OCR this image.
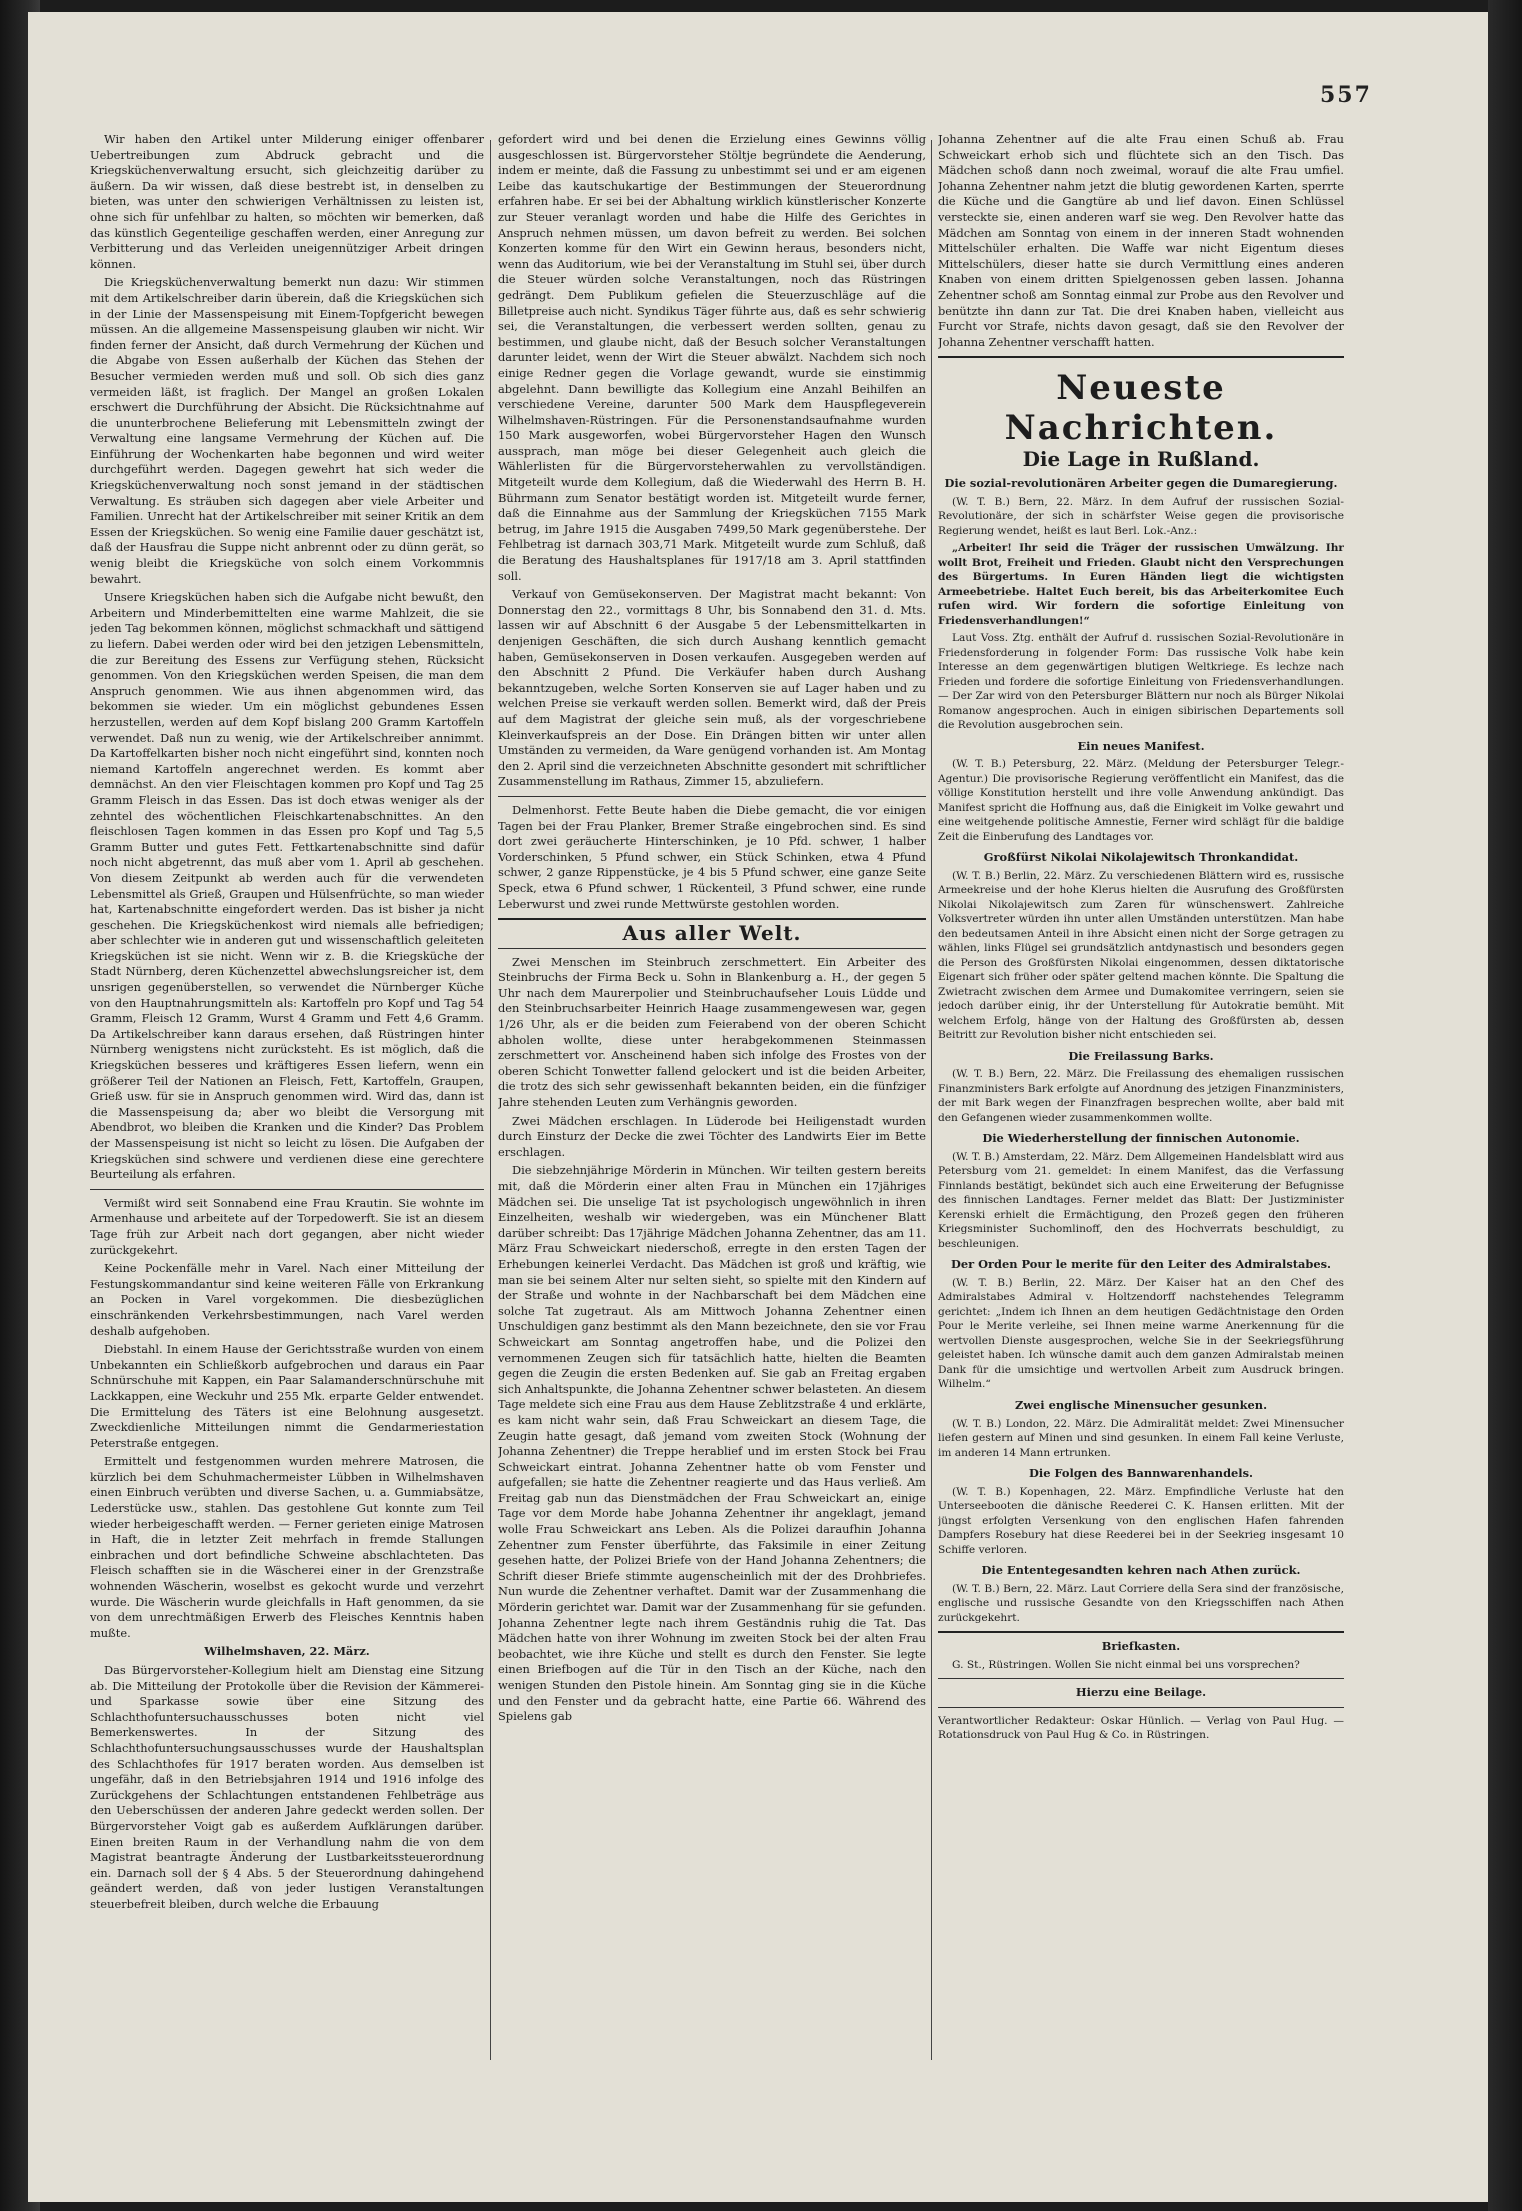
557

Wir haben den Artikel unter Milderung einiger offenbarer Uebertreibungen zum Abdruck gebracht und die Kriegsküchenverwaltung ersucht, sich gleichzeitig darüber zu äußern. Da wir wissen, daß diese bestrebt ist, in denselben zu bieten, was unter den schwierigen Verhältnissen zu leisten ist, ohne sich für unfehlbar zu halten, so möchten wir bemerken, daß das künstlich Gegenteilige geschaffen werden, einer Anregung zur Verbitterung und das Verleiden uneigennütziger Arbeit dringen können.

Die Kriegsküchenverwaltung bemerkt nun dazu: Wir stimmen mit dem Artikelschreiber darin überein, daß die Kriegsküchen sich in der Linie der Massenspeisung mit Einem-Topfgericht bewegen müssen. An die allgemeine Massenspeisung glauben wir nicht. Wir finden ferner der Ansicht, daß durch Vermehrung der Küchen und die Abgabe von Essen außerhalb der Küchen das Stehen der Besucher vermieden werden muß und soll. Ob sich dies ganz vermeiden läßt, ist fraglich. Der Mangel an großen Lokalen erschwert die Durchführung der Absicht. Die Rücksichtnahme auf die ununterbrochene Belieferung mit Lebensmitteln zwingt der Verwaltung eine langsame Vermehrung der Küchen auf. Die Einführung der Wochenkarten habe begonnen und wird weiter durchgeführt werden. Dagegen gewehrt hat sich weder die Kriegsküchenverwaltung noch sonst jemand in der städtischen Verwaltung. Es sträuben sich dagegen aber viele Arbeiter und Familien. Unrecht hat der Artikelschreiber mit seiner Kritik an dem Essen der Kriegsküchen. So wenig eine Familie dauer geschätzt ist, daß der Hausfrau die Suppe nicht anbrennt oder zu dünn gerät, so wenig bleibt die Kriegsküche von solch einem Vorkommnis bewahrt.

Unsere Kriegsküchen haben sich die Aufgabe nicht bewußt, den Arbeitern und Minderbemittelten eine warme Mahlzeit, die sie jeden Tag bekommen können, möglichst schmackhaft und sättigend zu liefern. Dabei werden oder wird bei den jetzigen Lebensmitteln, die zur Bereitung des Essens zur Verfügung stehen, Rücksicht genommen. Von den Kriegsküchen werden Speisen, die man dem Anspruch genommen. Wie aus ihnen abgenommen wird, das bekommen sie wieder. Um ein möglichst gebundenes Essen herzustellen, werden auf dem Kopf bislang 200 Gramm Kartoffeln verwendet. Daß nun zu wenig, wie der Artikelschreiber annimmt. Da Kartoffelkarten bisher noch nicht eingeführt sind, konnten noch niemand Kartoffeln angerechnet werden. Es kommt aber demnächst. An den vier Fleischtagen kommen pro Kopf und Tag 25 Gramm Fleisch in das Essen. Das ist doch etwas weniger als der zehntel des wöchentlichen Fleischkartenabschnittes. An den fleischlosen Tagen kommen in das Essen pro Kopf und Tag 5,5 Gramm Butter und gutes Fett. Fettkartenabschnitte sind dafür noch nicht abgetrennt, das muß aber vom 1. April ab geschehen. Von diesem Zeitpunkt ab werden auch für die verwendeten Lebensmittel als Grieß, Graupen und Hülsenfrüchte, so man wieder hat, Kartenabschnitte eingefordert werden. Das ist bisher ja nicht geschehen. Die Kriegsküchenkost wird niemals alle befriedigen; aber schlechter wie in anderen gut und wissenschaftlich geleiteten Kriegsküchen ist sie nicht. Wenn wir z. B. die Kriegsküche der Stadt Nürnberg, deren Küchenzettel abwechslungsreicher ist, dem unsrigen gegenüberstellen, so verwendet die Nürnberger Küche von den Hauptnahrungsmitteln als: Kartoffeln pro Kopf und Tag 54 Gramm, Fleisch 12 Gramm, Wurst 4 Gramm und Fett 4,6 Gramm. Da Artikelschreiber kann daraus ersehen, daß Rüstringen hinter Nürnberg wenigstens nicht zurücksteht. Es ist möglich, daß die Kriegsküchen besseres und kräftigeres Essen liefern, wenn ein größerer Teil der Nationen an Fleisch, Fett, Kartoffeln, Graupen, Grieß usw. für sie in Anspruch genommen wird. Wird das, dann ist die Massenspeisung da; aber wo bleibt die Versorgung mit Abendbrot, wo bleiben die Kranken und die Kinder? Das Problem der Massenspeisung ist nicht so leicht zu lösen. Die Aufgaben der Kriegsküchen sind schwere und verdienen diese eine gerechtere Beurteilung als erfahren.

Vermißt wird seit Sonnabend eine Frau Krautin. Sie wohnte im Armenhause und arbeitete auf der Torpedowerft. Sie ist an diesem Tage früh zur Arbeit nach dort gegangen, aber nicht wieder zurückgekehrt.

Keine Pockenfälle mehr in Varel. Nach einer Mitteilung der Festungskommandantur sind keine weiteren Fälle von Erkrankung an Pocken in Varel vorgekommen. Die diesbezüglichen einschränkenden Verkehrsbestimmungen, nach Varel werden deshalb aufgehoben.

Diebstahl. In einem Hause der Gerichtsstraße wurden von einem Unbekannten ein Schließkorb aufgebrochen und daraus ein Paar Schnürschuhe mit Kappen, ein Paar Salamanderschnürschuhe mit Lackkappen, eine Weckuhr und 255 Mk. erparte Gelder entwendet. Die Ermittelung des Täters ist eine Belohnung ausgesetzt. Zweckdienliche Mitteilungen nimmt die Gendarmeriestation Peterstraße entgegen.

Ermittelt und festgenommen wurden mehrere Matrosen, die kürzlich bei dem Schuhmachermeister Lübben in Wilhelmshaven einen Einbruch verübten und diverse Sachen, u. a. Gummiabsätze, Lederstücke usw., stahlen. Das gestohlene Gut konnte zum Teil wieder herbeigeschafft werden. — Ferner gerieten einige Matrosen in Haft, die in letzter Zeit mehrfach in fremde Stallungen einbrachen und dort befindliche Schweine abschlachteten. Das Fleisch schafften sie in die Wäscherei einer in der Grenzstraße wohnenden Wäscherin, woselbst es gekocht wurde und verzehrt wurde. Die Wäscherin wurde gleichfalls in Haft genommen, da sie von dem unrechtmäßigen Erwerb des Fleisches Kenntnis haben mußte.

Wilhelmshaven, 22. März.

Das Bürgervorsteher-Kollegium hielt am Dienstag eine Sitzung ab. Die Mitteilung der Protokolle über die Revision der Kämmerei- und Sparkasse sowie über eine Sitzung des Schlachthofuntersuchausschusses boten nicht viel Bemerkenswertes. In der Sitzung des Schlachthofuntersuchungsausschusses wurde der Haushaltsplan des Schlachthofes für 1917 beraten worden. Aus demselben ist ungefähr, daß in den Betriebsjahren 1914 und 1916 infolge des Zurückgehens der Schlachtungen entstandenen Fehlbeträge aus den Ueberschüssen der anderen Jahre gedeckt werden sollen. Der Bürgervorsteher Voigt gab es außerdem Aufklärungen darüber. Einen breiten Raum in der Verhandlung nahm die von dem Magistrat beantragte Änderung der Lustbarkeitssteuerordnung ein. Darnach soll der § 4 Abs. 5 der Steuerordnung dahingehend geändert werden, daß von jeder lustigen Veranstaltungen steuerbefreit bleiben, durch welche die Erbauung

gefordert wird und bei denen die Erzielung eines Gewinns völlig ausgeschlossen ist. Bürgervorsteher Stöltje begründete die Aenderung, indem er meinte, daß die Fassung zu unbestimmt sei und er am eigenen Leibe das kautschukartige der Bestimmungen der Steuerordnung erfahren habe. Er sei bei der Abhaltung wirklich künstlerischer Konzerte zur Steuer veranlagt worden und habe die Hilfe des Gerichtes in Anspruch nehmen müssen, um davon befreit zu werden. Bei solchen Konzerten komme für den Wirt ein Gewinn heraus, besonders nicht, wenn das Auditorium, wie bei der Veranstaltung im Stuhl sei, über durch die Steuer würden solche Veranstaltungen, noch das Rüstringen gedrängt. Dem Publikum gefielen die Steuerzuschläge auf die Billetpreise auch nicht. Syndikus Täger führte aus, daß es sehr schwierig sei, die Veranstaltungen, die verbessert werden sollten, genau zu bestimmen, und glaube nicht, daß der Besuch solcher Veranstaltungen darunter leidet, wenn der Wirt die Steuer abwälzt. Nachdem sich noch einige Redner gegen die Vorlage gewandt, wurde sie einstimmig abgelehnt. Dann bewilligte das Kollegium eine Anzahl Beihilfen an verschiedene Vereine, darunter 500 Mark dem Hauspflegeverein Wilhelmshaven-Rüstringen. Für die Personenstandsaufnahme wurden 150 Mark ausgeworfen, wobei Bürgervorsteher Hagen den Wunsch aussprach, man möge bei dieser Gelegenheit auch gleich die Wählerlisten für die Bürgervorsteherwahlen zu vervollständigen. Mitgeteilt wurde dem Kollegium, daß die Wiederwahl des Herrn B. H. Bührmann zum Senator bestätigt worden ist. Mitgeteilt wurde ferner, daß die Einnahme aus der Sammlung der Kriegsküchen 7155 Mark betrug, im Jahre 1915 die Ausgaben 7499,50 Mark gegenüberstehe. Der Fehlbetrag ist darnach 303,71 Mark. Mitgeteilt wurde zum Schluß, daß die Beratung des Haushaltsplanes für 1917/18 am 3. April stattfinden soll.

Verkauf von Gemüsekonserven. Der Magistrat macht bekannt: Von Donnerstag den 22., vormittags 8 Uhr, bis Sonnabend den 31. d. Mts. lassen wir auf Abschnitt 6 der Ausgabe 5 der Lebensmittelkarten in denjenigen Geschäften, die sich durch Aushang kenntlich gemacht haben, Gemüsekonserven in Dosen verkaufen. Ausgegeben werden auf den Abschnitt 2 Pfund. Die Verkäufer haben durch Aushang bekanntzugeben, welche Sorten Konserven sie auf Lager haben und zu welchen Preise sie verkauft werden sollen. Bemerkt wird, daß der Preis auf dem Magistrat der gleiche sein muß, als der vorgeschriebene Kleinverkaufspreis an der Dose. Ein Drängen bitten wir unter allen Umständen zu vermeiden, da Ware genügend vorhanden ist. Am Montag den 2. April sind die verzeichneten Abschnitte gesondert mit schriftlicher Zusammenstellung im Rathaus, Zimmer 15, abzuliefern.

Delmenhorst. Fette Beute haben die Diebe gemacht, die vor einigen Tagen bei der Frau Planker, Bremer Straße eingebrochen sind. Es sind dort zwei geräucherte Hinterschinken, je 10 Pfd. schwer, 1 halber Vorderschinken, 5 Pfund schwer, ein Stück Schinken, etwa 4 Pfund schwer, 2 ganze Rippenstücke, je 4 bis 5 Pfund schwer, eine ganze Seite Speck, etwa 6 Pfund schwer, 1 Rückenteil, 3 Pfund schwer, eine runde Leberwurst und zwei runde Mettwürste gestohlen worden.

Aus aller Welt.

Zwei Menschen im Steinbruch zerschmettert. Ein Arbeiter des Steinbruchs der Firma Beck u. Sohn in Blankenburg a. H., der gegen 5 Uhr nach dem Maurerpolier und Steinbruchaufseher Louis Lüdde und den Steinbruchsarbeiter Heinrich Haage zusammengewesen war, gegen 1/26 Uhr, als er die beiden zum Feierabend von der oberen Schicht abholen wollte, diese unter herabgekommenen Steinmassen zerschmettert vor. Anscheinend haben sich infolge des Frostes von der oberen Schicht Tonwetter fallend gelockert und ist die beiden Arbeiter, die trotz des sich sehr gewissenhaft bekannten beiden, ein die fünfziger Jahre stehenden Leuten zum Verhängnis geworden.

Zwei Mädchen erschlagen. In Lüderode bei Heiligenstadt wurden durch Einsturz der Decke die zwei Töchter des Landwirts Eier im Bette erschlagen.

Die siebzehnjährige Mörderin in München. Wir teilten gestern bereits mit, daß die Mörderin einer alten Frau in München ein 17jähriges Mädchen sei. Die unselige Tat ist psychologisch ungewöhnlich in ihren Einzelheiten, weshalb wir wiedergeben, was ein Münchener Blatt darüber schreibt: Das 17jährige Mädchen Johanna Zehentner, das am 11. März Frau Schweickart niederschoß, erregte in den ersten Tagen der Erhebungen keinerlei Verdacht. Das Mädchen ist groß und kräftig, wie man sie bei seinem Alter nur selten sieht, so spielte mit den Kindern auf der Straße und wohnte in der Nachbarschaft bei dem Mädchen eine solche Tat zugetraut. Als am Mittwoch Johanna Zehentner einen Unschuldigen ganz bestimmt als den Mann bezeichnete, den sie vor Frau Schweickart am Sonntag angetroffen habe, und die Polizei den vernommenen Zeugen sich für tatsächlich hatte, hielten die Beamten gegen die Zeugin die ersten Bedenken auf. Sie gab an Freitag ergaben sich Anhaltspunkte, die Johanna Zehentner schwer belasteten. An diesem Tage meldete sich eine Frau aus dem Hause Zeblitzstraße 4 und erklärte, es kam nicht wahr sein, daß Frau Schweickart an diesem Tage, die Zeugin hatte gesagt, daß jemand vom zweiten Stock (Wohnung der Johanna Zehentner) die Treppe herablief und im ersten Stock bei Frau Schweickart eintrat. Johanna Zehentner hatte ob vom Fenster und aufgefallen; sie hatte die Zehentner reagierte und das Haus verließ. Am Freitag gab nun das Dienstmädchen der Frau Schweickart an, einige Tage vor dem Morde habe Johanna Zehentner ihr angeklagt, jemand wolle Frau Schweickart ans Leben. Als die Polizei daraufhin Johanna Zehentner zum Fenster überführte, das Faksimile in einer Zeitung gesehen hatte, der Polizei Briefe von der Hand Johanna Zehentners; die Schrift dieser Briefe stimmte augenscheinlich mit der des Drohbriefes. Nun wurde die Zehentner verhaftet. Damit war der Zusammenhang die Mörderin gerichtet war. Damit war der Zusammenhang für sie gefunden. Johanna Zehentner legte nach ihrem Geständnis ruhig die Tat. Das Mädchen hatte von ihrer Wohnung im zweiten Stock bei der alten Frau beobachtet, wie ihre Küche und stellt es durch den Fenster. Sie legte einen Briefbogen auf die Tür in den Tisch an der Küche, nach den wenigen Stunden den Pistole hinein. Am Sonntag ging sie in die Küche und den Fenster und da gebracht hatte, eine Partie 66. Während des Spielens gab

Johanna Zehentner auf die alte Frau einen Schuß ab. Frau Schweickart erhob sich und flüchtete sich an den Tisch. Das Mädchen schoß dann noch zweimal, worauf die alte Frau umfiel. Johanna Zehentner nahm jetzt die blutig gewordenen Karten, sperrte die Küche und die Gangtüre ab und lief davon. Einen Schlüssel versteckte sie, einen anderen warf sie weg. Den Revolver hatte das Mädchen am Sonntag von einem in der inneren Stadt wohnenden Mittelschüler erhalten. Die Waffe war nicht Eigentum dieses Mittelschülers, dieser hatte sie durch Vermittlung eines anderen Knaben von einem dritten Spielgenossen geben lassen. Johanna Zehentner schoß am Sonntag einmal zur Probe aus den Revolver und benützte ihn dann zur Tat. Die drei Knaben haben, vielleicht aus Furcht vor Strafe, nichts davon gesagt, daß sie den Revolver der Johanna Zehentner verschafft hatten.

Neueste Nachrichten.
Die Lage in Rußland.

Die sozial-revolutionären Arbeiter gegen die Dumaregierung.

(W. T. B.) Bern, 22. März. In dem Aufruf der russischen Sozial-Revolutionäre, der sich in schärfster Weise gegen die provisorische Regierung wendet, heißt es laut Berl. Lok.-Anz.:

„Arbeiter! Ihr seid die Träger der russischen Umwälzung. Ihr wollt Brot, Freiheit und Frieden. Glaubt nicht den Versprechungen des Bürgertums. In Euren Händen liegt die wichtigsten Armeebetriebe. Haltet Euch bereit, bis das Arbeiterkomitee Euch rufen wird. Wir fordern die sofortige Einleitung von Friedensverhandlungen!“

Laut Voss. Ztg. enthält der Aufruf d. russischen Sozial-Revolutionäre in Friedensforderung in folgender Form: Das russische Volk habe kein Interesse an dem gegenwärtigen blutigen Weltkriege. Es lechze nach Frieden und fordere die sofortige Einleitung von Friedensverhandlungen. — Der Zar wird von den Petersburger Blättern nur noch als Bürger Nikolai Romanow angesprochen. Auch in einigen sibirischen Departements soll die Revolution ausgebrochen sein.

Ein neues Manifest.

(W. T. B.) Petersburg, 22. März. (Meldung der Petersburger Telegr.-Agentur.) Die provisorische Regierung veröffentlicht ein Manifest, das die völlige Konstitution herstellt und ihre volle Anwendung ankündigt. Das Manifest spricht die Hoffnung aus, daß die Einigkeit im Volke gewahrt und eine weitgehende politische Amnestie, Ferner wird schlägt für die baldige Zeit die Einberufung des Landtages vor.

Großfürst Nikolai Nikolajewitsch Thronkandidat.

(W. T. B.) Berlin, 22. März. Zu verschiedenen Blättern wird es, russische Armeekreise und der hohe Klerus hielten die Ausrufung des Großfürsten Nikolai Nikolajewitsch zum Zaren für wünschenswert. Zahlreiche Volksvertreter würden ihn unter allen Umständen unterstützen. Man habe den bedeutsamen Anteil in ihre Absicht einen nicht der Sorge getragen zu wählen, links Flügel sei grundsätzlich antdynastisch und besonders gegen die Person des Großfürsten Nikolai eingenommen, dessen diktatorische Eigenart sich früher oder später geltend machen könnte. Die Spaltung die Zwietracht zwischen dem Armee und Dumakomitee verringern, seien sie jedoch darüber einig, ihr der Unterstellung für Autokratie bemüht. Mit welchem Erfolg, hänge von der Haltung des Großfürsten ab, dessen Beitritt zur Revolution bisher nicht entschieden sei.

Die Freilassung Barks.

(W. T. B.) Bern, 22. März. Die Freilassung des ehemaligen russischen Finanzministers Bark erfolgte auf Anordnung des jetzigen Finanzministers, der mit Bark wegen der Finanzfragen besprechen wollte, aber bald mit den Gefangenen wieder zusammenkommen wollte.

Die Wiederherstellung der finnischen Autonomie.

(W. T. B.) Amsterdam, 22. März. Dem Allgemeinen Handelsblatt wird aus Petersburg vom 21. gemeldet: In einem Manifest, das die Verfassung Finnlands bestätigt, bekündet sich auch eine Erweiterung der Befugnisse des finnischen Landtages. Ferner meldet das Blatt: Der Justizminister Kerenski erhielt die Ermächtigung, den Prozeß gegen den früheren Kriegsminister Suchomlinoff, den des Hochverrats beschuldigt, zu beschleunigen.

Der Orden Pour le merite für den Leiter des Admiralstabes.

(W. T. B.) Berlin, 22. März. Der Kaiser hat an den Chef des Admiralstabes Admiral v. Holtzendorff nachstehendes Telegramm gerichtet: „Indem ich Ihnen an dem heutigen Gedächtnistage den Orden Pour le Merite verleihe, sei Ihnen meine warme Anerkennung für die wertvollen Dienste ausgesprochen, welche Sie in der Seekriegsführung geleistet haben. Ich wünsche damit auch dem ganzen Admiralstab meinen Dank für die umsichtige und wertvollen Arbeit zum Ausdruck bringen. Wilhelm.“

Zwei englische Minensucher gesunken.

(W. T. B.) London, 22. März. Die Admiralität meldet: Zwei Minensucher liefen gestern auf Minen und sind gesunken. In einem Fall keine Verluste, im anderen 14 Mann ertrunken.

Die Folgen des Bannwarenhandels.

(W. T. B.) Kopenhagen, 22. März. Empfindliche Verluste hat den Unterseebooten die dänische Reederei C. K. Hansen erlitten. Mit der jüngst erfolgten Versenkung von den englischen Hafen fahrenden Dampfers Rosebury hat diese Reederei bei in der Seekrieg insgesamt 10 Schiffe verloren.

Die Ententegesandten kehren nach Athen zurück.

(W. T. B.) Bern, 22. März. Laut Corriere della Sera sind der französische, englische und russische Gesandte von den Kriegsschiffen nach Athen zurückgekehrt.

Briefkasten.

G. St., Rüstringen. Wollen Sie nicht einmal bei uns vorsprechen?

Hierzu eine Beilage.

Verantwortlicher Redakteur: Oskar Hünlich. — Verlag von Paul Hug. — Rotationsdruck von Paul Hug & Co. in Rüstringen.
